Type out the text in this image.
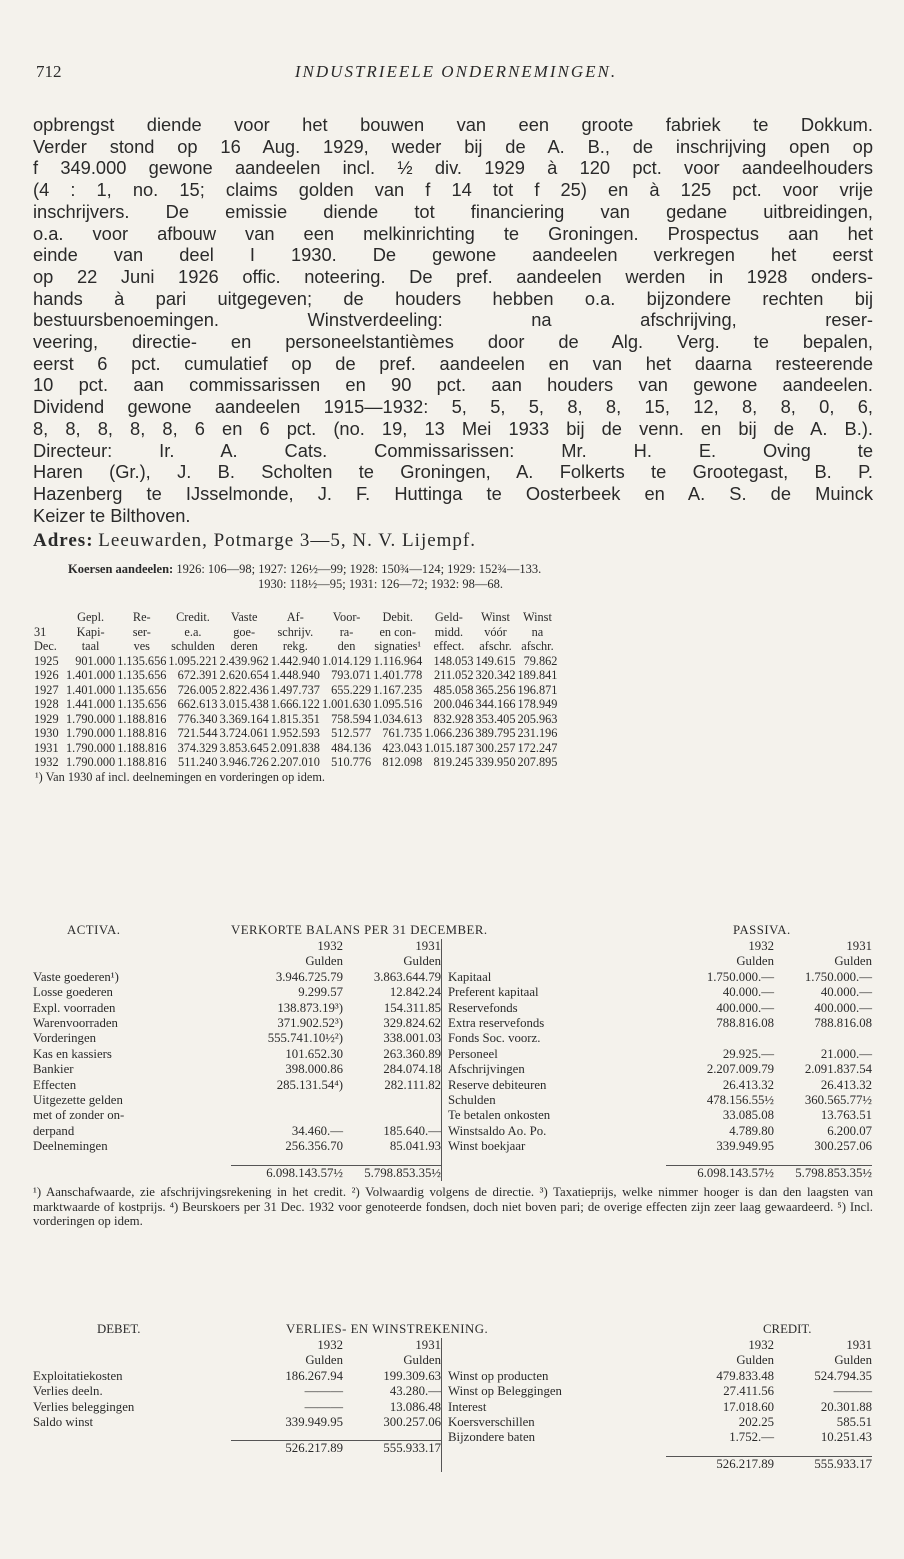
712	INDUSTRIEELE ONDERNEMINGEN.
opbrengst diende voor het bouwen van een groote fabriek te Dokkum.
Verder stond op 16 Aug. 1929, weder bij de A. B., de inschrijving open op
f 349.000 gewone aandeelen incl. ½ div. 1929 à 120 pct. voor aandeelhouders
(4 : 1, no. 15; claims golden van f 14 tot f 25) en à 125 pct. voor vrije
inschrijvers. De emissie diende tot financiering van gedane uitbreidingen,
o.a. voor afbouw van een melkinrichting te Groningen. Prospectus aan het
einde van deel I 1930. De gewone aandeelen verkregen het eerst
op 22 Juni 1926 offic. noteering. De pref. aandeelen werden in 1928 onders-
hands à pari uitgegeven; de houders hebben o.a. bijzondere rechten bij
bestuursbenoemingen. Winstverdeeling: na afschrijving, reser-
veering, directie- en personeelstantièmes door de Alg. Verg. te bepalen,
eerst 6 pct. cumulatief op de pref. aandeelen en van het daarna resteerende
10 pct. aan commissarissen en 90 pct. aan houders van gewone aandeelen.
Dividend gewone aandeelen 1915—1932: 5, 5, 5, 8, 8, 15, 12, 8, 8, 0, 6,
8, 8, 8, 8, 8, 6 en 6 pct. (no. 19, 13 Mei 1933 bij de venn. en bij de A. B.).
Directeur: Ir. A. Cats. Commissarissen: Mr. H. E. Oving te
Haren (Gr.), J. B. Scholten te Groningen, A. Folkerts te Grootegast, B. P.
Hazenberg te IJsselmonde, J. F. Huttinga te Oosterbeek en A. S. de Muinck
Keizer te Bilthoven.
Adres: Leeuwarden, Potmarge 3—5, N. V. Lijempf.
Koersen aandeelen: 1926: 106—98; 1927: 126½—99; 1928: 150¾—124; 1929: 152¾—133.
1930: 118½—95; 1931: 126—72; 1932: 98—68.
	Gepl.	Re-	Credit.	Vaste	Af-	Voor-	Debit.	Geld-	Winst	Winst
31	Kapi-	ser-	e.a.	goe-	schrijv.	ra-	en con-	midd.	vóór	na
Dec.	taal	ves	schulden	deren	rekg.	den	signaties¹	effect.	afschr.	afschr.
1925	901.000	1.135.656	1.095.221	2.439.962	1.442.940	1.014.129	1.116.964	148.053	149.615	79.862
1926	1.401.000	1.135.656	672.391	2.620.654	1.448.940	793.071	1.401.778	211.052	320.342	189.841
1927	1.401.000	1.135.656	726.005	2.822.436	1.497.737	655.229	1.167.235	485.058	365.256	196.871
1928	1.441.000	1.135.656	662.613	3.015.438	1.666.122	1.001.630	1.095.516	200.046	344.166	178.949
1929	1.790.000	1.188.816	776.340	3.369.164	1.815.351	758.594	1.034.613	832.928	353.405	205.963
1930	1.790.000	1.188.816	721.544	3.724.061	1.952.593	512.577	761.735	1.066.236	389.795	231.196
1931	1.790.000	1.188.816	374.329	3.853.645	2.091.838	484.136	423.043	1.015.187	300.257	172.247
1932	1.790.000	1.188.816	511.240	3.946.726	2.207.010	510.776	812.098	819.245	339.950	207.895
¹) Van 1930 af incl. deelnemingen en vorderingen op idem.
ACTIVA.	VERKORTE BALANS PER 31 DECEMBER.	PASSIVA.
	1932	1931
	Gulden	Gulden
Vaste goederen¹)	3.946.725.79	3.863.644.79
Losse goederen	9.299.57	12.842.24
Expl. voorraden	138.873.19³)	154.311.85
Warenvoorraden	371.902.52³)	329.824.62
Vorderingen	555.741.10½²)	338.001.03
Kas en kassiers	101.652.30	263.360.89
Bankier	398.000.86	284.074.18
Effecten	285.131.54⁴)	282.111.82
Uitgezette gelden		
met of zonder on-		
derpand	34.460.—	185.640.—
Deelnemingen	256.356.70	85.041.93

	6.098.143.57½	5.798.853.35½
	1932	1931
	Gulden	Gulden
Kapitaal	1.750.000.—	1.750.000.—
Preferent kapitaal	40.000.—	40.000.—
Reservefonds	400.000.—	400.000.—
Extra reservefonds	788.816.08	788.816.08
Fonds Soc. voorz.		
Personeel	29.925.—	21.000.—
Afschrijvingen	2.207.009.79	2.091.837.54
Reserve debiteuren	26.413.32	26.413.32
Schulden	478.156.55½	360.565.77½
Te betalen onkosten	33.085.08	13.763.51
Winstsaldo Ao. Po.	4.789.80	6.200.07
Winst boekjaar	339.949.95	300.257.06

	6.098.143.57½	5.798.853.35½
¹) Aanschafwaarde, zie afschrijvingsrekening in het credit. ²) Volwaardig volgens de directie. ³) Taxatieprijs, welke nimmer hooger is dan den laagsten van marktwaarde of kostprijs. ⁴) Beurskoers per 31 Dec. 1932 voor genoteerde fondsen, doch niet boven pari; de overige effecten zijn zeer laag gewaardeerd. ⁵) Incl. vorderingen op idem.
DEBET.	VERLIES- EN WINSTREKENING.	CREDIT.
	1932	1931
	Gulden	Gulden
Exploitatiekosten	186.267.94	199.309.63
Verlies deeln.	———	43.280.—
Verlies beleggingen	———	13.086.48
Saldo winst	339.949.95	300.257.06

	526.217.89	555.933.17
	1932	1931
	Gulden	Gulden
Winst op producten	479.833.48	524.794.35
Winst op Beleggingen	27.411.56	———
Interest	17.018.60	20.301.88
Koersverschillen	202.25	585.51
Bijzondere baten	1.752.—	10.251.43

	526.217.89	555.933.17
